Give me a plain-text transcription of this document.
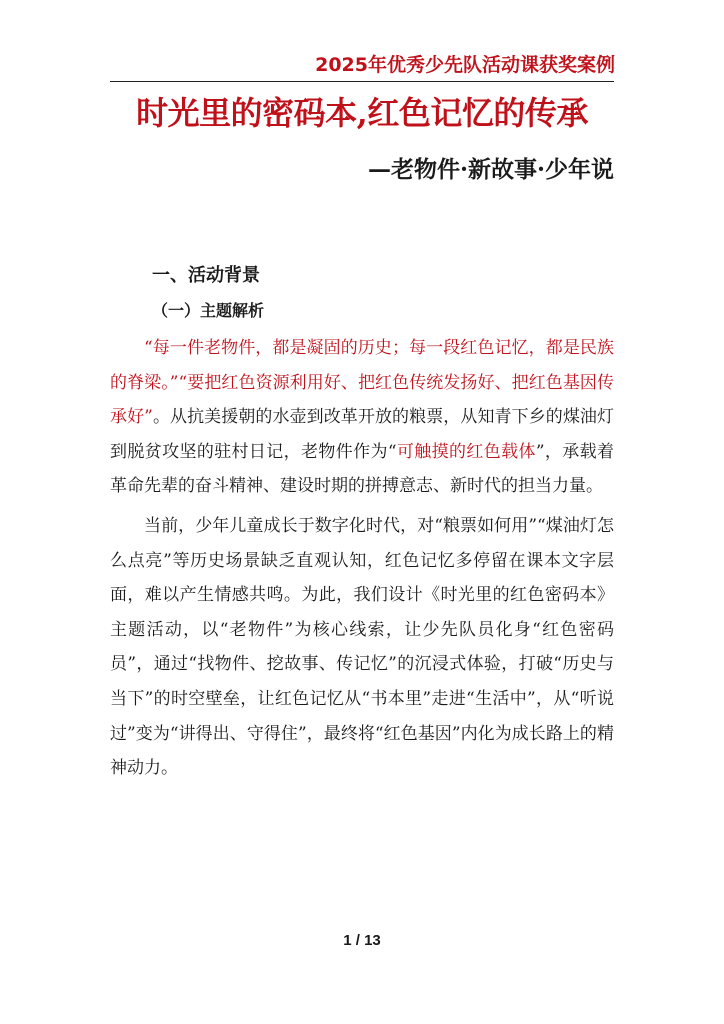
2025年优秀少先队活动课获奖案例
时光里的密码本,红色记忆的传承
—老物件·新故事·少年说
一、活动背景
（一）主题解析

“每一件老物件，都是凝固的历史；每一段红色记忆，都是民族的脊梁。”“要把红色资源利用好、把红色传统发扬好、把红色基因传承好”。从抗美援朝的水壶到改革开放的粮票，从知青下乡的煤油灯到脱贫攻坚的驻村日记，老物件作为“可触摸的红色载体”，承载着革命先辈的奋斗精神、建设时期的拼搏意志、新时代的担当力量。

当前，少年儿童成长于数字化时代，对“粮票如何用”“煤油灯怎么点亮”等历史场景缺乏直观认知，红色记忆多停留在课本文字层面，难以产生情感共鸣。为此，我们设计《时光里的红色密码本》主题活动，以“老物件”为核心线索，让少先队员化身“红色密码员”，通过“找物件、挖故事、传记忆”的沉浸式体验，打破“历史与当下”的时空壁垒，让红色记忆从“书本里”走进“生活中”，从“听说过”变为“讲得出、守得住”，最终将“红色基因”内化为成长路上的精神动力。

1 / 13
